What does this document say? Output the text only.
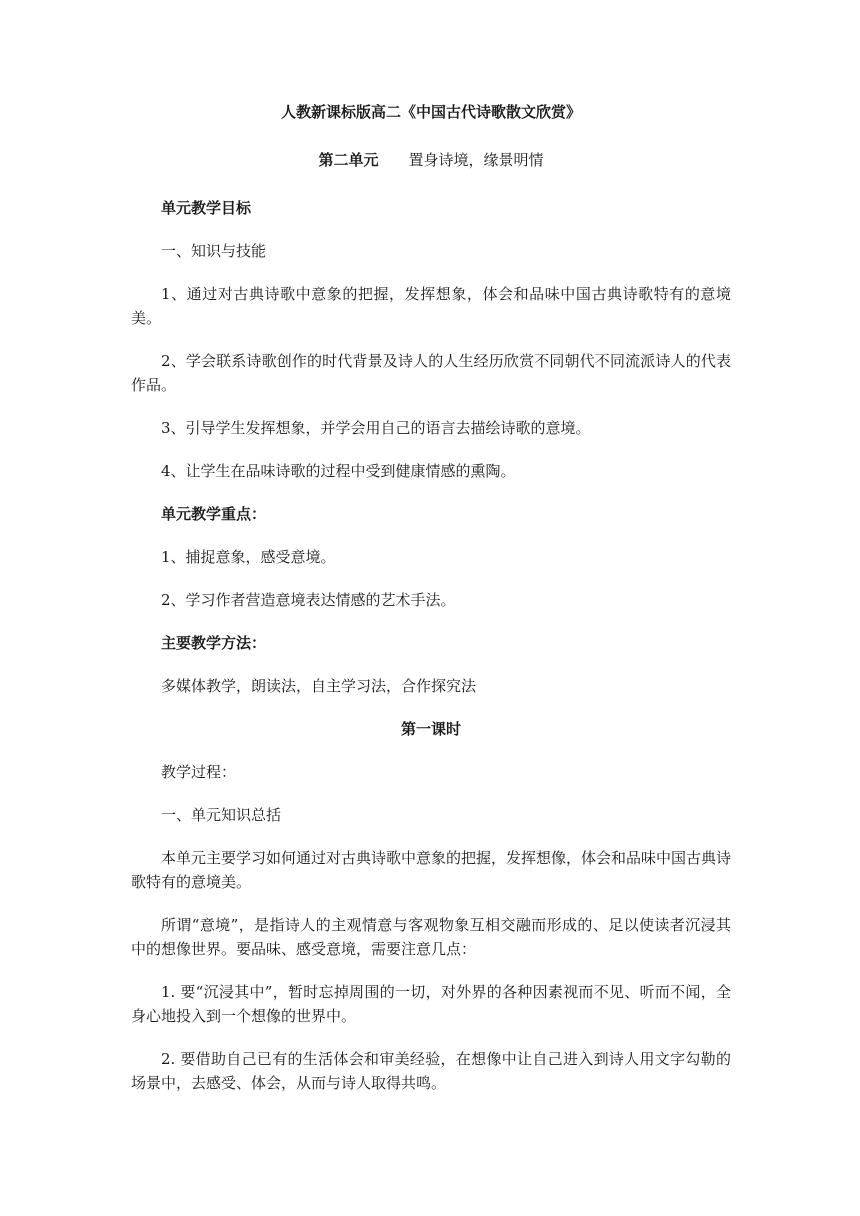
人教新课标版高二《中国古代诗歌散文欣赏》
第二单元 置身诗境，缘景明情

单元教学目标

一、知识与技能

1、通过对古典诗歌中意象的把握，发挥想象，体会和品味中国古典诗歌特有的意境美。

2、学会联系诗歌创作的时代背景及诗人的人生经历欣赏不同朝代不同流派诗人的代表作品。

3、引导学生发挥想象，并学会用自己的语言去描绘诗歌的意境。

4、让学生在品味诗歌的过程中受到健康情感的熏陶。

单元教学重点：

1、捕捉意象，感受意境。

2、学习作者营造意境表达情感的艺术手法。

主要教学方法：

多媒体教学，朗读法，自主学习法，合作探究法

第一课时

教学过程：

一、单元知识总括

本单元主要学习如何通过对古典诗歌中意象的把握，发挥想像，体会和品味中国古典诗歌特有的意境美。

所谓“意境”，是指诗人的主观情意与客观物象互相交融而形成的、足以使读者沉浸其中的想像世界。要品味、感受意境，需要注意几点：

1. 要“沉浸其中”，暂时忘掉周围的一切，对外界的各种因素视而不见、听而不闻，全身心地投入到一个想像的世界中。

2. 要借助自己已有的生活体会和审美经验，在想像中让自己进入到诗人用文字勾勒的场景中，去感受、体会，从而与诗人取得共鸣。
